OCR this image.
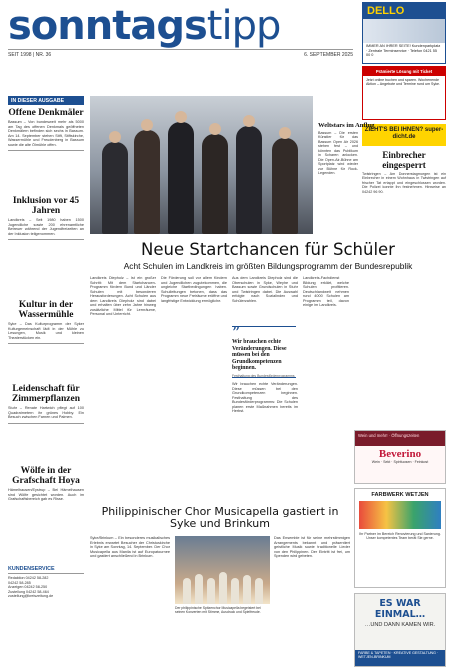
sonntagstipp
SEIT 1998 | NR. 36	6. SEPTEMBER 2025
DELLO
IMMER AN IHRER SEITE! Kundenparkplatz · Zentrale Terminservice · Telefon 0421 55 00 0
Prämierte Lösung mit Ticket
Jetzt online buchen und sparen. Wochenende Aktion – Angebote und Termine rund um Syke.
ZIEHT'S BEI IHNEN? super-dicht.de
IN DIESER AUSGABE
Offene Denkmäler
Bassum – Von bundesweit mehr als 5000 am Tag des offenen Denkmals geöffneten Denkmälern befinden sich sechs in Bassum. Am 14. September stehen Stift, Stiftskirche, Wassermühle und Freudenberg in Bassum sowie die alte Ölmühle offen.
Inklusion vor 45 Jahren
Landkreis – Seit 1980 haben 1500 Jugendliche sowie 200 ehrenamtliche Betreuer während der Jugendfreizeiten an der Inklusion teilgenommen.
Kultur in der Wassermühle
Syke – Das Kulturprogramm der Syker Kulturgemeinschaft lädt in der Mühle zu Lesungen, Musik und kleinen Theaterstücken ein.
Leidenschaft für Zimmerpflanzen
Stuhr – Renate Hartwich pflegt auf 100 Quadratmetern ihr grünes Hobby. Ein Besuch zwischen Farnen und Palmen.
Wölfe in der Grafschaft Hoya
Hämelhausen/Eystrup – Bei Hämelhausen sind Wölfe gesichtet worden. Auch im Grafschaftsbereich gab es Risse.
KUNDENSERVICE
Redaktion 04242 58-282
04242 58-285
Anzeigen 04242 58-250
Zustellung 04242 58-464
zustellung@kreiszeitung.de
Weltstars im Anflug
Bassum – Die ersten Künstler für das Bassum Open Air 2026 stehen fest – und könnten das Publikum in Scharen anlocken. Die Open-Air-Bühne am Sportplatz wird wieder zur Bühne für Rock-Legenden.
Einbrecher eingesperrt
Twistringen – Am Donnerstagmorgen ist ein Einbrecher in einem Wohnhaus in Twistringen auf frischer Tat ertappt und eingeschlossen worden. Die Polizei konnte ihn festnehmen. Hinweise an 04242 96 90.
Neue Startchancen für Schüler
Acht Schulen im Landkreis im größten Bildungsprogramm der Bundesrepublik
Landkreis Diepholz – Ist ein großer Schritt: Mit dem Startchancen-Programm fördern Bund und Länder Schulen mit besonderen Herausforderungen. Acht Schulen aus dem Landkreis Diepholz sind dabei und erhalten über zehn Jahre hinweg zusätzliche Mittel für Lernräume, Personal und Unterricht.
Die Förderung soll vor allem Kindern und Jugendlichen zugutekommen, die ungleiche Startbedingungen haben. Schulleitungen betonen, dass das Programm neue Freiräume eröffne und langfristige Entwicklung ermögliche.
Aus dem Landkreis Diepholz sind die Oberschulen in Syke, Weyhe und Bassum sowie Grundschulen in Stuhr und Twistringen dabei. Die Auswahl erfolgte nach Sozialindex und Schülerzahlen.
”
Wir brauchen echte Veränderungen. Diese müssen bei den Grundkompetenzen beginnen.
Festhaltung des Bundesförderprogramms
Wir brauchen echte Veränderungen. Diese müssen bei den Grundkompetenzen beginnen. Festhaltung des Bundesförderprogramms: Die Schulen planen erste Maßnahmen bereits im Herbst.
Landkreis-Fachdienst Bildung erklärt, welche Schulen profitieren. Deutschlandweit nehmen rund 4000 Schulen am Programm teil, davon einige im Landkreis.
Wein und mehr! · Öffnungszeiten
Beverino
Wein · Sekt · Spirituosen · Feinkost
FARBWERK WETJEN
Ihr Partner im Bereich Renovierung und Sanierung. Unser kompetentes Team berät Sie gerne.
ES WAR EINMAL…
…UND DANN KAMEN WIR.
FARBE & TAPETEN · KREATIVE GESTALTUNG · WETJEN-BRINKUM
Philippinischer Chor Musicapella gastiert in Syke und Brinkum
Syke/Brinkum – Ein besonderes musikalisches Erlebnis erwartet Besucher der Christuskirche in Syke am Sonntag, 14. September. Der Chor Musicapella aus Manila ist auf Europatournee und gastiert anschließend in Brinkum.
Der philippinische Spitzenchor Musicapella begeistert bei seinen Konzerten mit Stimme, Ausdruck und Spielfreude.
Das Ensemble ist für seine mehrstimmigen Arrangements bekannt und präsentiert geistliche Musik sowie traditionelle Lieder von den Philippinen. Der Eintritt ist frei, um Spenden wird gebeten.
